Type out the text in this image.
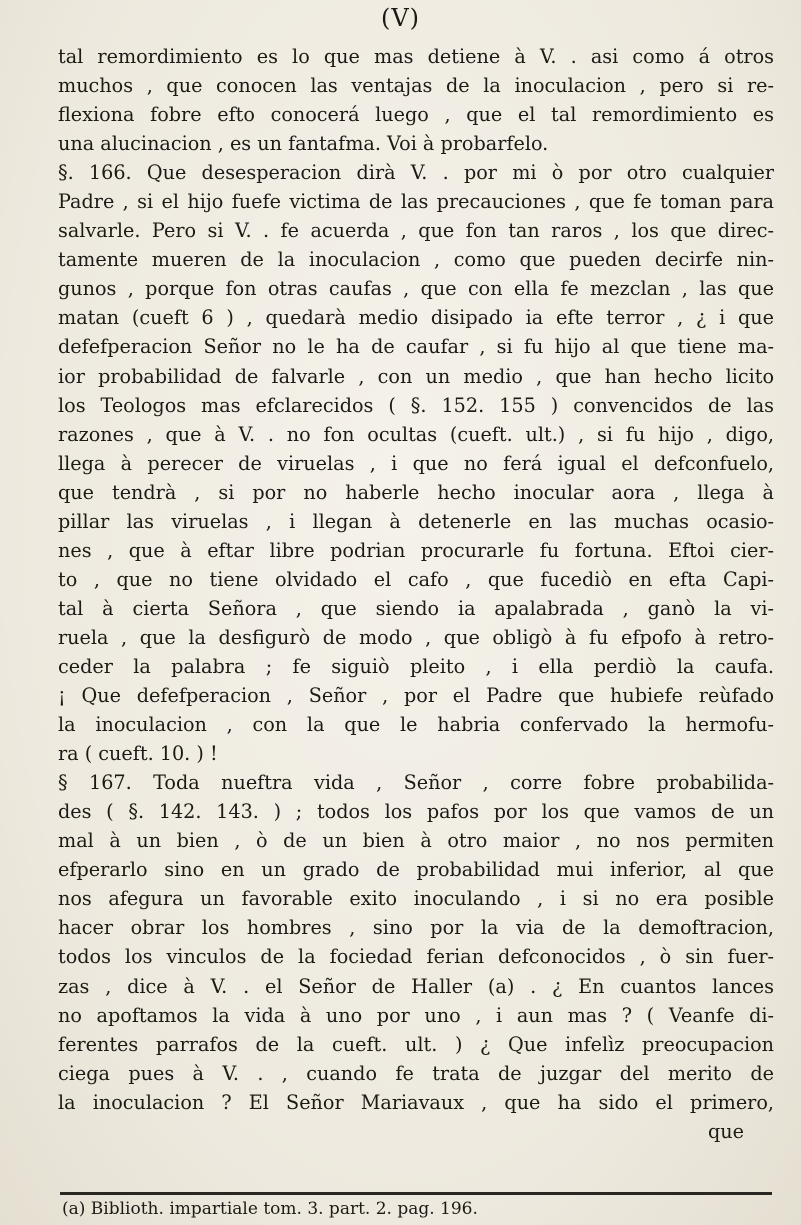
(V)
tal remordimiento es lo que mas detiene à V. . asi como á otros
muchos , que conocen las ventajas de la inoculacion , pero si re-
flexiona fobre efto conocerá luego , que el tal remordimiento es
una alucinacion , es un fantafma. Voi à probarfelo.
§. 166. Que desesperacion dirà V. . por mi ò por otro cualquier
Padre , si el hijo fuefe victima de las precauciones , que fe toman para
salvarle. Pero si V. . fe acuerda , que fon tan raros , los que direc-
tamente mueren de la inoculacion , como que pueden decirfe nin-
gunos , porque fon otras caufas , que con ella fe mezclan , las que
matan (cueft 6 ) , quedarà medio disipado ia efte terror , ¿ i que
defefperacion Señor no le ha de caufar , si fu hijo al que tiene ma-
ior probabilidad de falvarle , con un medio , que han hecho licito
los Teologos mas efclarecidos ( §. 152. 155 ) convencidos de las
razones , que à V. . no fon ocultas (cueft. ult.) , si fu hijo , digo,
llega à perecer de viruelas , i que no ferá igual el defconfuelo,
que tendrà , si por no haberle hecho inocular aora , llega à
pillar las viruelas , i llegan à detenerle en las muchas ocasio-
nes , que à eftar libre podrian procurarle fu fortuna. Eftoi cier-
to , que no tiene olvidado el cafo , que fucediò en efta Capi-
tal à cierta Señora , que siendo ia apalabrada , ganò la vi-
ruela , que la desfigurò de modo , que obligò à fu efpofo à retro-
ceder la palabra ; fe siguiò pleito , i ella perdiò la caufa.
¡ Que defefperacion , Señor , por el Padre que hubiefe reùfado
la inoculacion , con la que le habria confervado la hermofu-
ra ( cueft. 10. ) !
§ 167. Toda nueftra vida , Señor , corre fobre probabilida-
des ( §. 142. 143. ) ; todos los pafos por los que vamos de un
mal à un bien , ò de un bien à otro maior , no nos permiten
efperarlo sino en un grado de probabilidad mui inferior, al que
nos afegura un favorable exito inoculando , i si no era posible
hacer obrar los hombres , sino por la via de la demoftracion,
todos los vinculos de la fociedad ferian defconocidos , ò sin fuer-
zas , dice à V. . el Señor de Haller (a) . ¿ En cuantos lances
no apoftamos la vida à uno por uno , i aun mas ? ( Veanfe di-
ferentes parrafos de la cueft. ult. ) ¿ Que infelìz preocupacion
ciega pues à V. . , cuando fe trata de juzgar del merito de
la inoculacion ? El Señor Mariavaux , que ha sido el primero,
que
(a) Biblioth. impartiale tom. 3. part. 2. pag. 196.
